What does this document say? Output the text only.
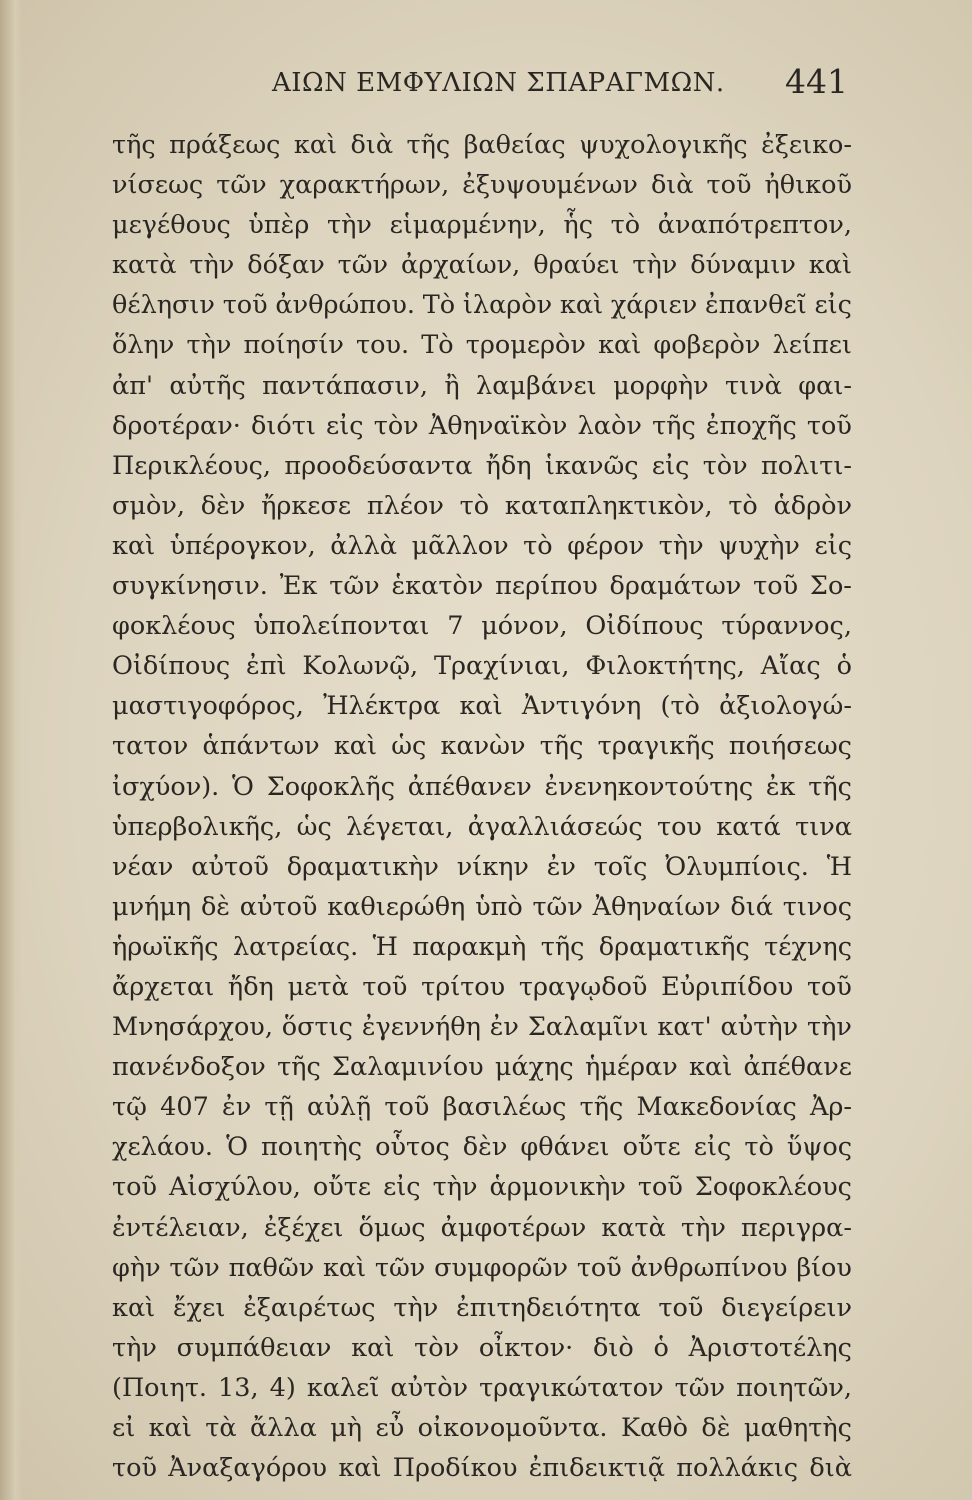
ΑΙΩΝ ΕΜΦΥΛΙΩΝ ΣΠΑΡΑΓΜΩΝ. 441
τῆς πράξεως καὶ διὰ τῆς βαθείας ψυχολογικῆς ἐξεικο-
νίσεως τῶν χαρακτήρων, ἐξυψουμένων διὰ τοῦ ἠθικοῦ
μεγέθους ὑπὲρ τὴν εἱμαρμένην, ἧς τὸ ἀναπότρεπτον,
κατὰ τὴν δόξαν τῶν ἀρχαίων, θραύει τὴν δύναμιν καὶ
θέλησιν τοῦ ἀνθρώπου. Τὸ ἱλαρὸν καὶ χάριεν ἐπανθεῖ εἰς
ὅλην τὴν ποίησίν του. Τὸ τρομερὸν καὶ φοβερὸν λείπει
ἀπ' αὐτῆς παντάπασιν, ἢ λαμβάνει μορφὴν τινὰ φαι-
δροτέραν· διότι εἰς τὸν Ἀθηναϊκὸν λαὸν τῆς ἐποχῆς τοῦ
Περικλέους, προοδεύσαντα ἤδη ἱκανῶς εἰς τὸν πολιτι-
σμὸν, δὲν ἤρκεσε πλέον τὸ καταπληκτικὸν, τὸ ἁδρὸν
καὶ ὑπέρογκον, ἀλλὰ μᾶλλον τὸ φέρον τὴν ψυχὴν εἰς
συγκίνησιν. Ἐκ τῶν ἑκατὸν περίπου δραμάτων τοῦ Σο-
φοκλέους ὑπολείπονται 7 μόνον, Οἰδίπους τύραννος,
Οἰδίπους ἐπὶ Κολωνῷ, Τραχίνιαι, Φιλοκτήτης, Αἴας ὁ
μαστιγοφόρος, Ἠλέκτρα καὶ Ἀντιγόνη (τὸ ἀξιολογώ-
τατον ἁπάντων καὶ ὡς κανὼν τῆς τραγικῆς ποιήσεως
ἰσχύον). Ὁ Σοφοκλῆς ἀπέθανεν ἐνενηκοντούτης ἐκ τῆς
ὑπερβολικῆς, ὡς λέγεται, ἀγαλλιάσεώς του κατά τινα
νέαν αὐτοῦ δραματικὴν νίκην ἐν τοῖς Ὀλυμπίοις. Ἡ
μνήμη δὲ αὐτοῦ καθιερώθη ὑπὸ τῶν Ἀθηναίων διά τινος
ἡρωϊκῆς λατρείας. Ἡ παρακμὴ τῆς δραματικῆς τέχνης
ἄρχεται ἤδη μετὰ τοῦ τρίτου τραγῳδοῦ Εὐριπίδου τοῦ
Μνησάρχου, ὅστις ἐγεννήθη ἐν Σαλαμῖνι κατ' αὐτὴν τὴν
πανένδοξον τῆς Σαλαμινίου μάχης ἡμέραν καὶ ἀπέθανε
τῷ 407 ἐν τῇ αὐλῇ τοῦ βασιλέως τῆς Μακεδονίας Ἀρ-
χελάου. Ὁ ποιητὴς οὗτος δὲν φθάνει οὔτε εἰς τὸ ὕψος
τοῦ Αἰσχύλου, οὔτε εἰς τὴν ἁρμονικὴν τοῦ Σοφοκλέους
ἐντέλειαν, ἐξέχει ὅμως ἀμφοτέρων κατὰ τὴν περιγρα-
φὴν τῶν παθῶν καὶ τῶν συμφορῶν τοῦ ἀνθρωπίνου βίου
καὶ ἔχει ἐξαιρέτως τὴν ἐπιτηδειότητα τοῦ διεγείρειν
τὴν συμπάθειαν καὶ τὸν οἶκτον· διὸ ὁ Ἀριστοτέλης
(Ποιητ. 13, 4) καλεῖ αὐτὸν τραγικώτατον τῶν ποιητῶν,
εἰ καὶ τὰ ἄλλα μὴ εὖ οἰκονομοῦντα. Καθὸ δὲ μαθητὴς
τοῦ Ἀναξαγόρου καὶ Προδίκου ἐπιδεικτιᾷ πολλάκις διὰ
